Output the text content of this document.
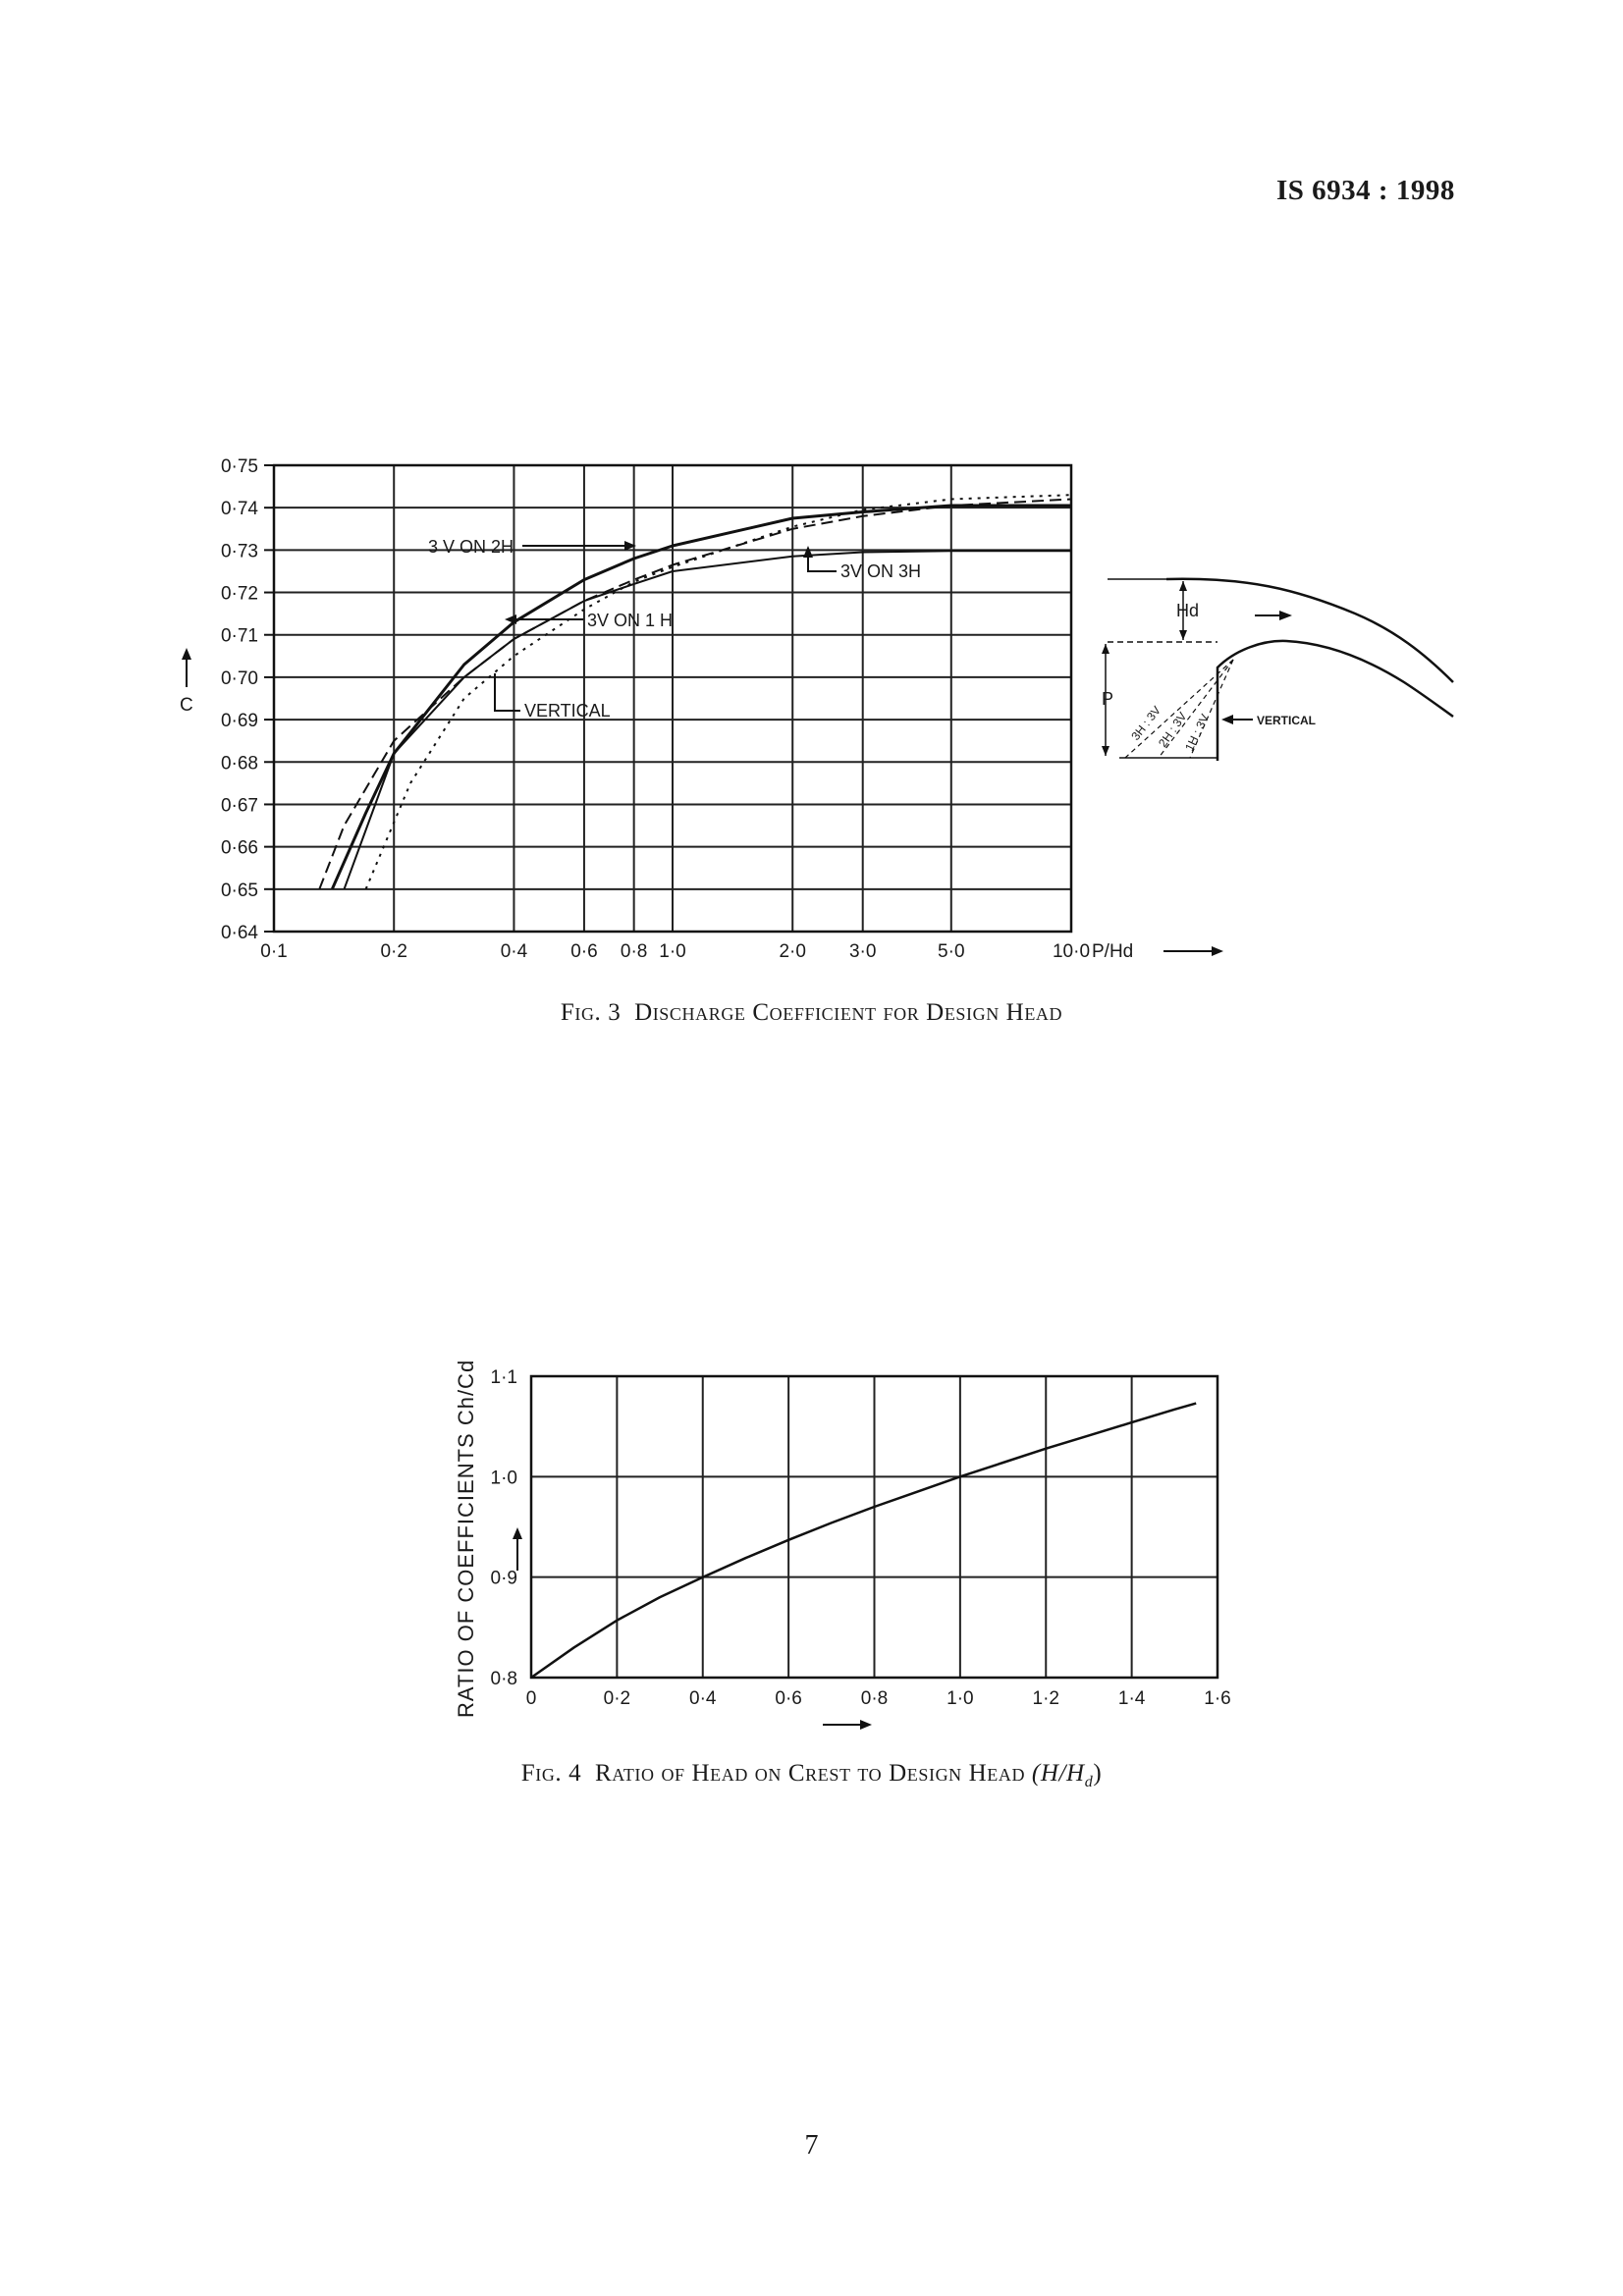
IS 6934 : 1998
0·64
0·65
0·66
0·67
0·68
0·69
0·70
0·71
0·72
0·73
0·74
0·75
0·1	0·2	0·4 0·6 0·8 1·0	2·0 3·0	5·0	10·0
C
3 V ON 2H
3V ON 1 H
3V ON 3H
VERTICAL
P/Hd
Hd
P
3H : 3V
2H : 3V
1H : 3V	VERTICAL
0·8
0·9
1·0
1·1
0	0·2	0·4	0·6	0·8	1·0	1·2	1·4	1·6
RATIO OF COEFFICIENTS Ch/Cd
Fig. 3 Discharge Coefficient for Design Head
Fig. 4 Ratio of Head on Crest to Design Head $(H/H_d)$
7
